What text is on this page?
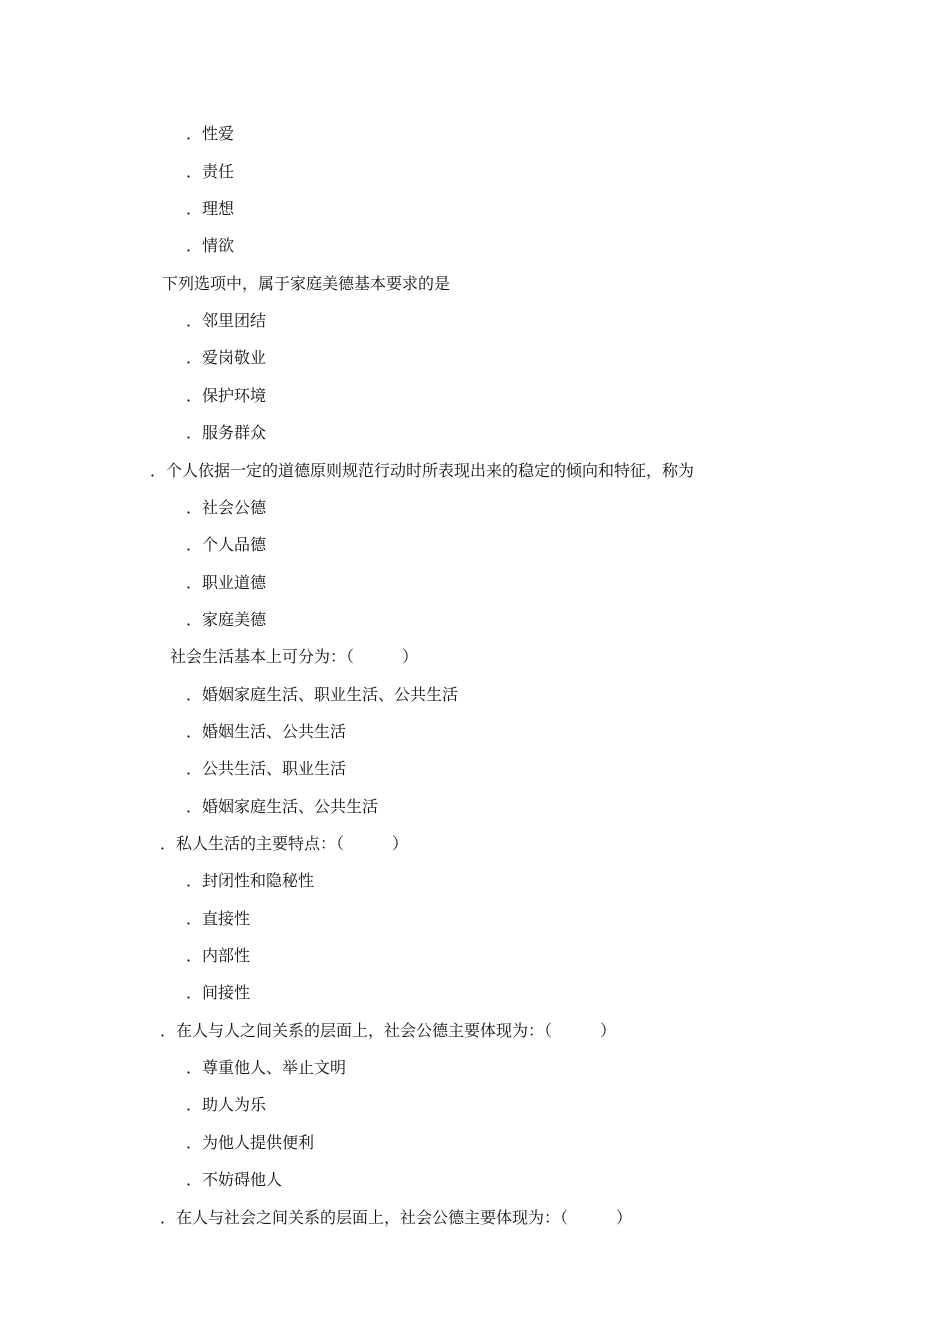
．性爱
．责任
．理想
．情欲
下列选项中，属于家庭美德基本要求的是
．邻里团结
．爱岗敬业
．保护环境
．服务群众
．个人依据一定的道德原则规范行动时所表现出来的稳定的倾向和特征，称为
．社会公德
．个人品德
．职业道德
．家庭美德
社会生活基本上可分为：（　　　）
．婚姻家庭生活、职业生活、公共生活
．婚姻生活、公共生活
．公共生活、职业生活
．婚姻家庭生活、公共生活
．私人生活的主要特点：（　　　）
．封闭性和隐秘性
．直接性
．内部性
．间接性
．在人与人之间关系的层面上，社会公德主要体现为：（　　　）
．尊重他人、举止文明
．助人为乐
．为他人提供便利
．不妨碍他人
．在人与社会之间关系的层面上，社会公德主要体现为：（　　　）
